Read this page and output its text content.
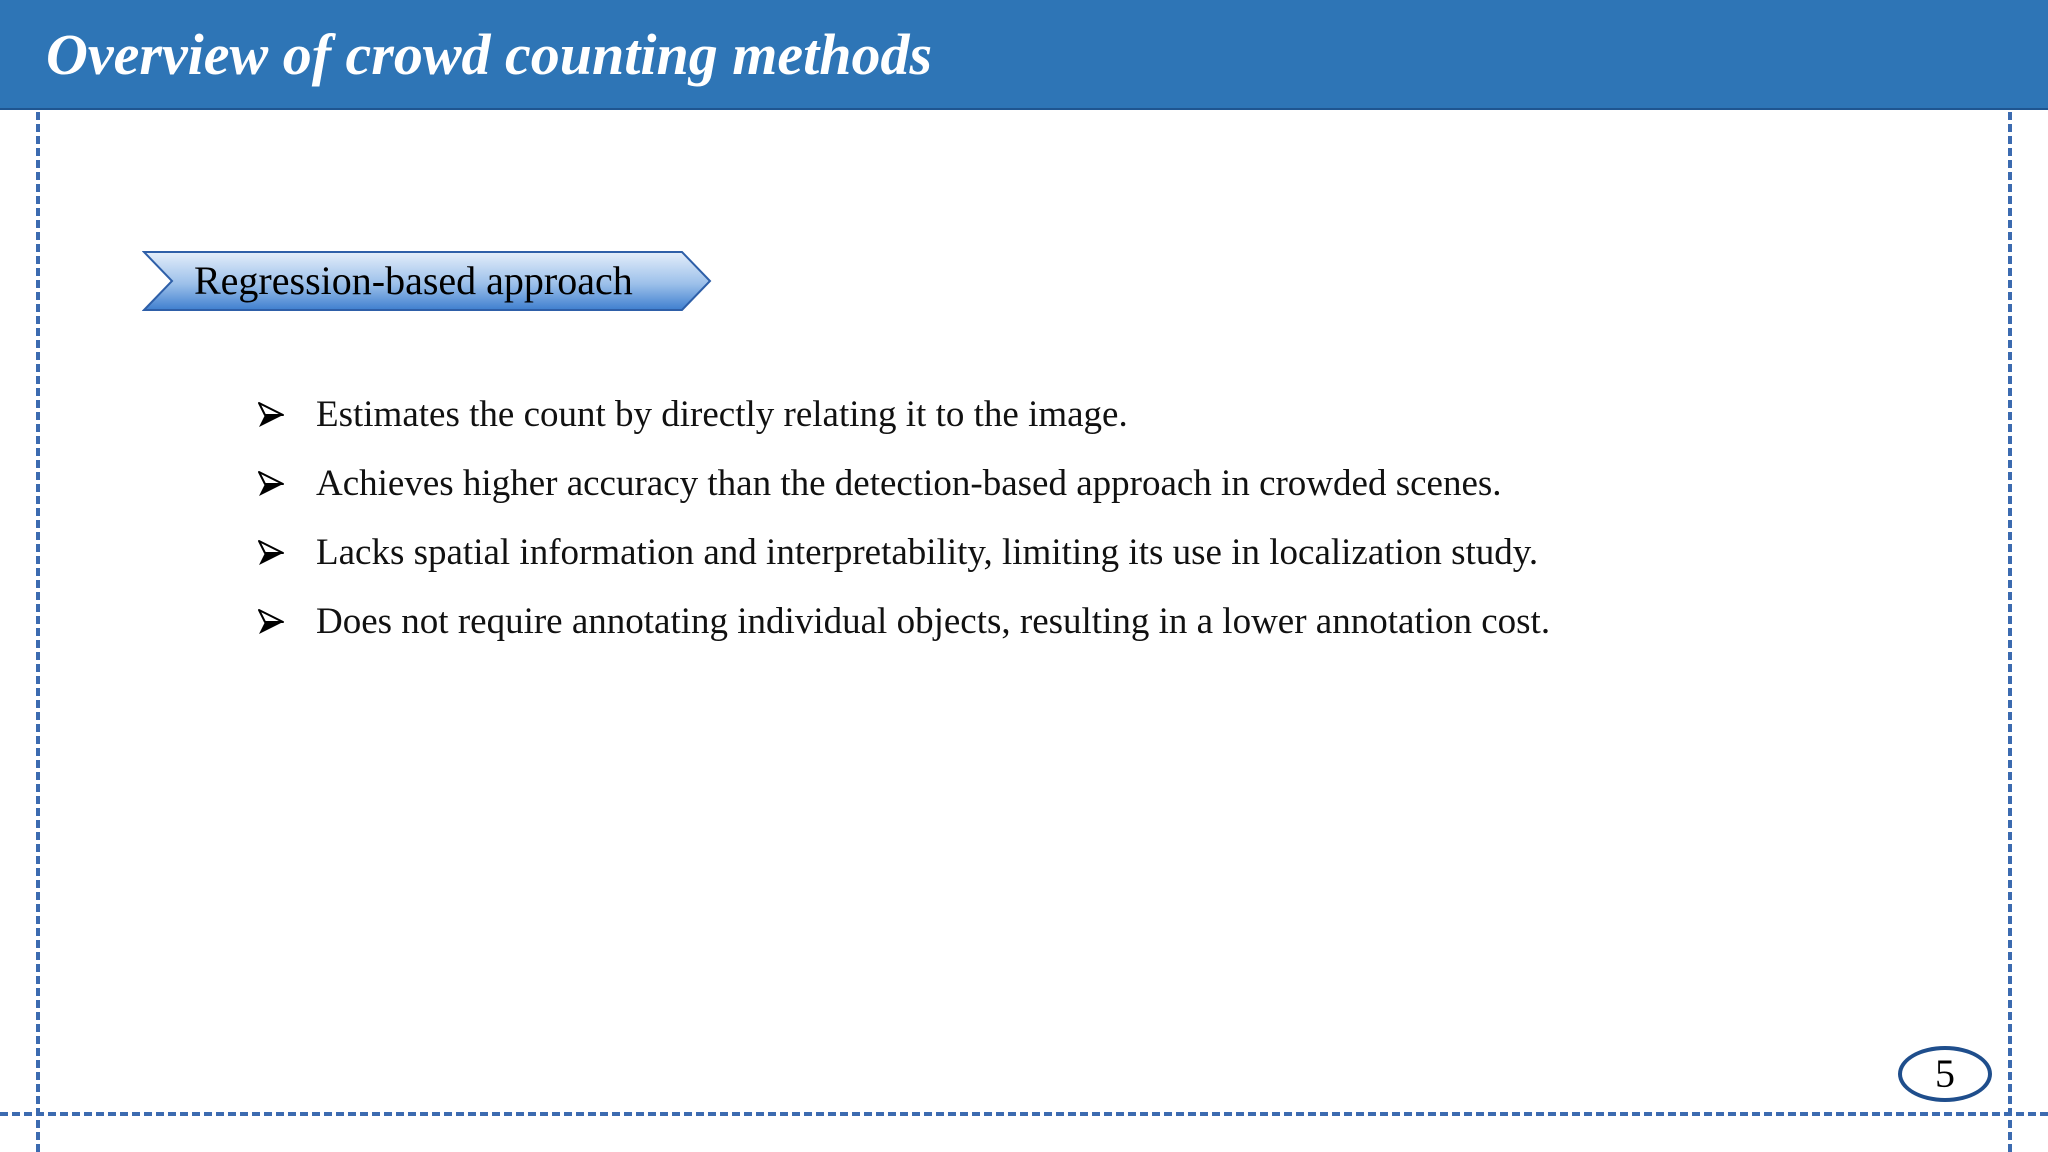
Overview of crowd counting methods
Regression-based approach
Estimates the count by directly relating it to the image.
Achieves higher accuracy than the detection-based approach in crowded scenes.
Lacks spatial information and interpretability, limiting its use in localization study.
Does not require annotating individual objects, resulting in a lower annotation cost.
5
